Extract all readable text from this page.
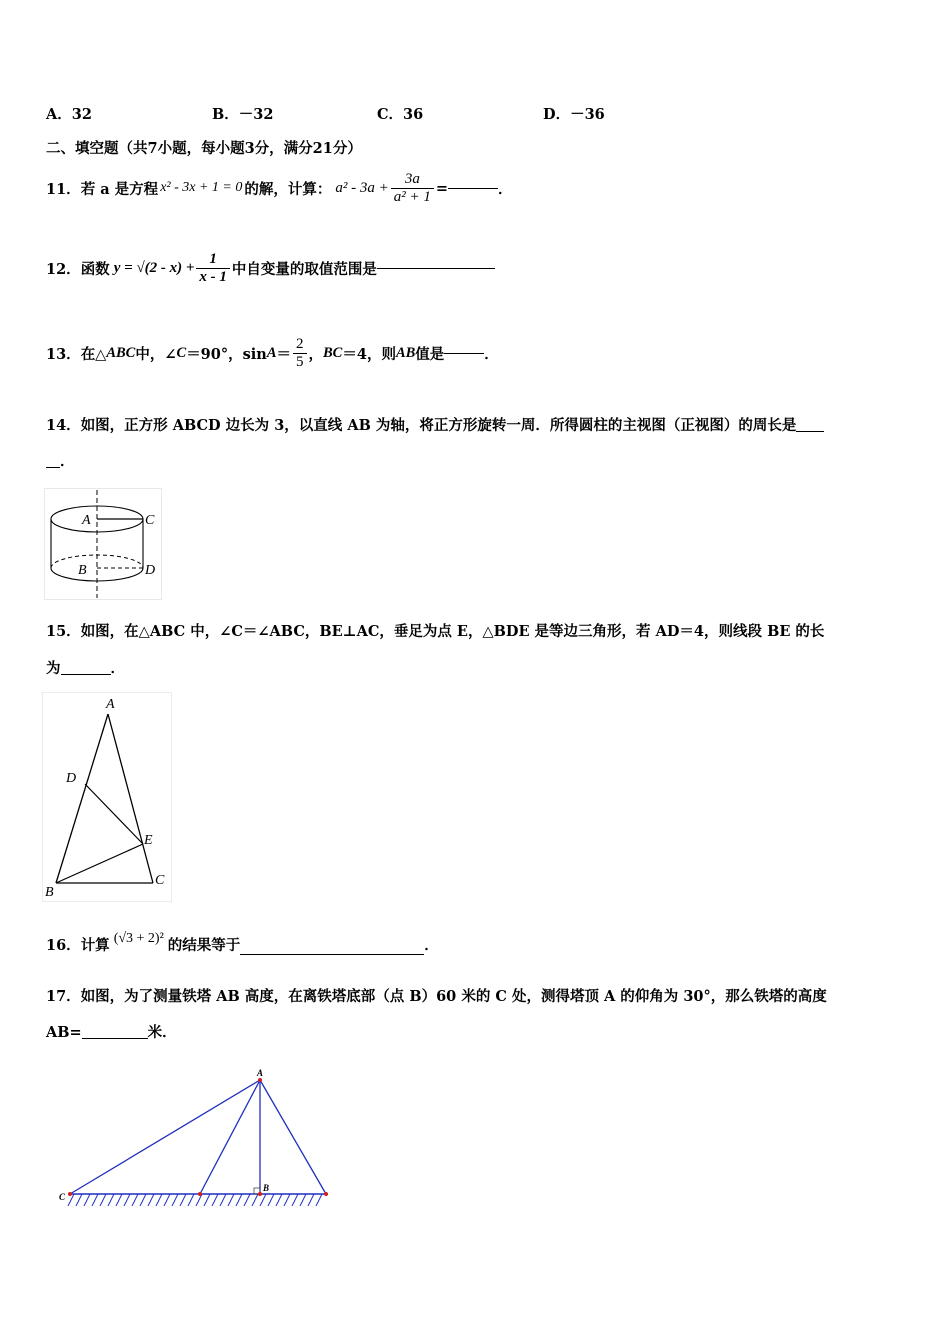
A．32	B．－32	C．36	D．－36
二、填空题（共7小题，每小题3分，满分21分）
11． 若 a 是方程 x² - 3x + 1 = 0 的解，计算： $a^2 - 3a + \frac{3a}{\text{a² + 1}}$ =	．
12． 函数 $y = √(2 - x) + \frac{1}{x - 1}$ 中自变量的取值范围是
13． 在△ ABC 中，∠ C ＝90°，$\sin A = \frac{2}{5}$ ， BC ＝4，则 AB 值是	．
14．如图，正方形 ABCD 边长为 3，以直线 AB 为轴，将正方形旋转一周．所得圆柱的主视图（正视图）的周长是
．
A	C
B	D
15．如图，在△ABC 中，∠C＝∠ABC，BE⊥AC，垂足为点 E，△BDE 是等边三角形，若 AD＝4，则线段 BE 的长
为	．
A
D
E
B
C
16． 计算 (√3 + 2)² 的结果等于	．
17．如图，为了测量铁塔 AB 高度，在离铁塔底部（点 B）60 米的 C 处，测得塔顶 A 的仰角为 30°，那么铁塔的高度
AB=	米．
A
B
C
